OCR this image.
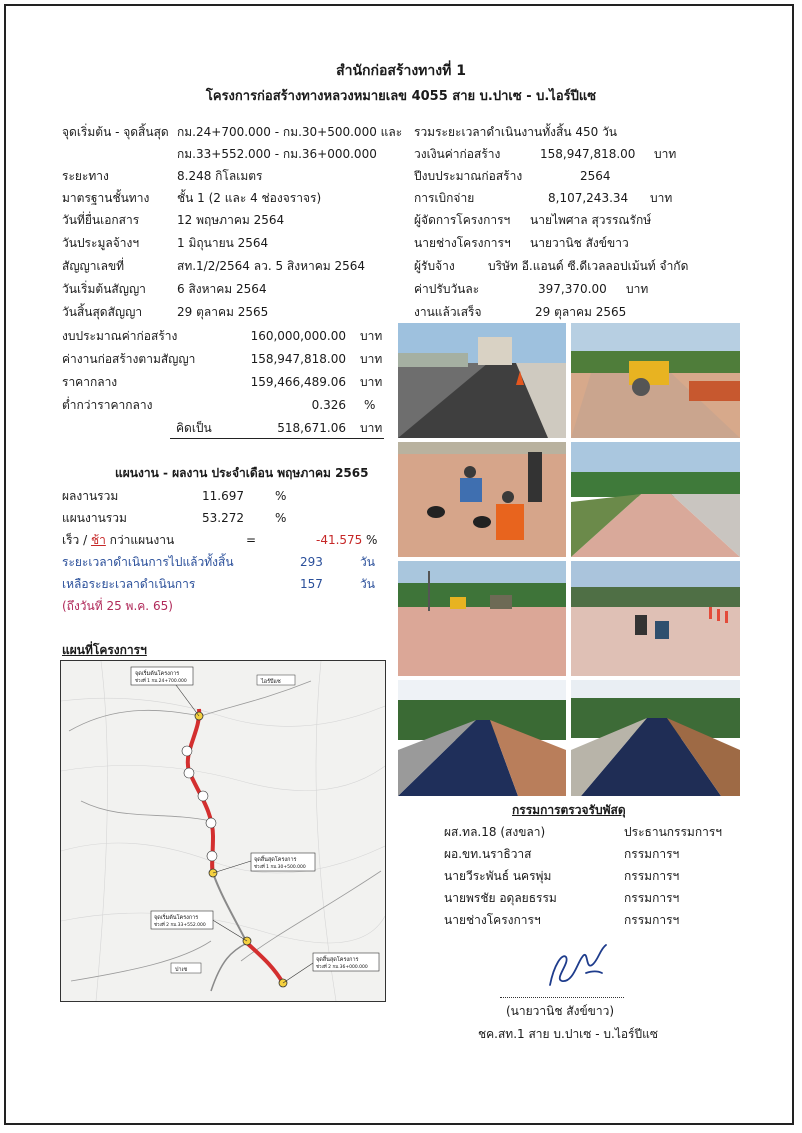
สำนักก่อสร้างทางที่ 1
โครงการก่อสร้างทางหลวงหมายเลข 4055 สาย บ.ปาเซ - บ.ไอร์ปีแซ
จุดเริ่มต้น - จุดสิ้นสุด กม.24+700.000 - กม.30+500.000 และ
กม.33+552.000 - กม.36+000.000
ระยะทาง	8.248 กิโลเมตร
มาตรฐานชั้นทาง ชั้น 1 (2 และ 4 ช่องจราจร)
วันที่ยื่นเอกสาร	12 พฤษภาคม 2564
วันประมูลจ้างฯ	1 มิถุนายน 2564
สัญญาเลขที่	สท.1/2/2564 ลว. 5 สิงหาคม 2564
วันเริ่มต้นสัญญา	6 สิงหาคม 2564
วันสิ้นสุดสัญญา	29 ตุลาคม 2565
รวมระยะเวลาดำเนินงานทั้งสิ้น 450 วัน
วงเงินค่าก่อสร้าง	158,947,818.00 บาท
ปีงบประมาณก่อสร้าง	2564
การเบิกจ่าย	8,107,243.34 บาท
ผู้จัดการโครงการฯ นายไพศาล สุวรรณรักษ์
นายช่างโครงการฯ นายวานิช สังข์ขาว
ผู้รับจ้าง	บริษัท อี.แอนด์ ซี.ดีเวลลอปเม้นท์ จำกัด
ค่าปรับวันละ	397,370.00 บาท
งานแล้วเสร็จ	29 ตุลาคม 2565
งบประมาณค่าก่อสร้าง	160,000,000.00 บาท
ค่างานก่อสร้างตามสัญญา	158,947,818.00 บาท
ราคากลาง	159,466,489.06 บาท
ต่ำกว่าราคากลาง	0.326 %
คิดเป็น	518,671.06 บาท
แผนงาน - ผลงาน ประจำเดือน พฤษภาคม 2565
ผลงานรวม	11.697	%
แผนงานรวม	53.272	%
เร็ว / ช้า กว่าแผนงาน	=	-41.575 %
ระยะเวลาดำเนินการไปแล้วทั้งสิ้น	293	วัน
เหลือระยะเวลาดำเนินการ	157	วัน
(ถึงวันที่ 25 พ.ค. 65)
แผนที่โครงการฯ
จุดเริ่มต้นโครงการ
ช่วงที่ 1 กม.24+700.000	ไอร์ปีแซ
จุดสิ้นสุดโครงการ
ช่วงที่ 1 กม.30+500.000
จุดเริ่มต้นโครงการ
ช่วงที่ 2 กม.33+552.000
จุดสิ้นสุดโครงการ
ช่วงที่ 2 กม.36+000.000
ปาเซ
กรรมการตรวจรับพัสดุ
ผส.ทล.18 (สงขลา)	ประธานกรรมการฯ
ผอ.ขท.นราธิวาส	กรรมการฯ
นายวีระพันธ์ นครพุ่ม	กรรมการฯ
นายพรชัย อดุลยธรรม	กรรมการฯ
นายช่างโครงการฯ	กรรมการฯ
(นายวานิช สังข์ขาว)
ชค.สท.1 สาย บ.ปาเซ - บ.ไอร์ปีแซ
